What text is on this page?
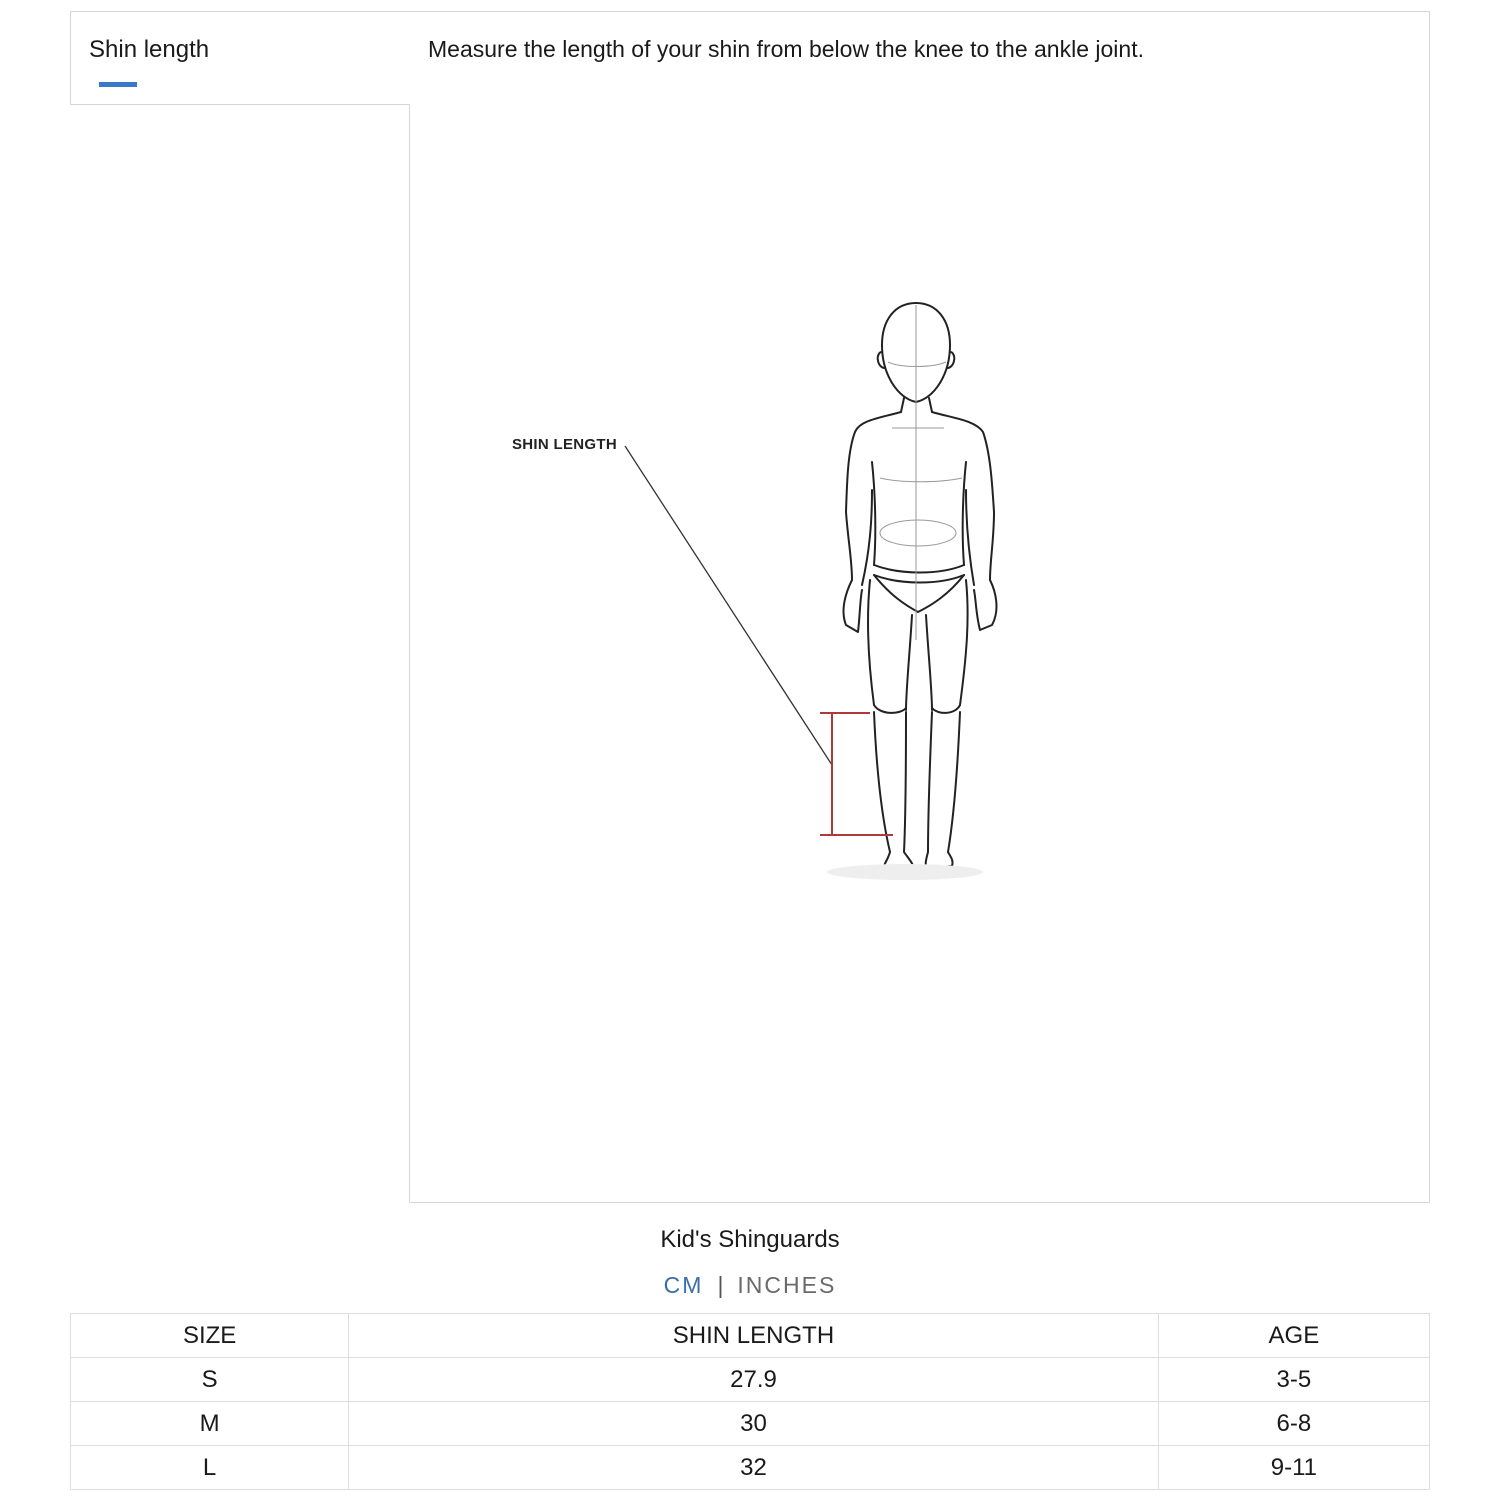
Shin length	Measure the length of your shin from below the knee to the ankle joint.
SHIN LENGTH
Kid's Shinguards
CM | INCHES
SIZE	SHIN LENGTH	AGE
S	27.9	3-5
M	30	6-8
L	32	9-11
